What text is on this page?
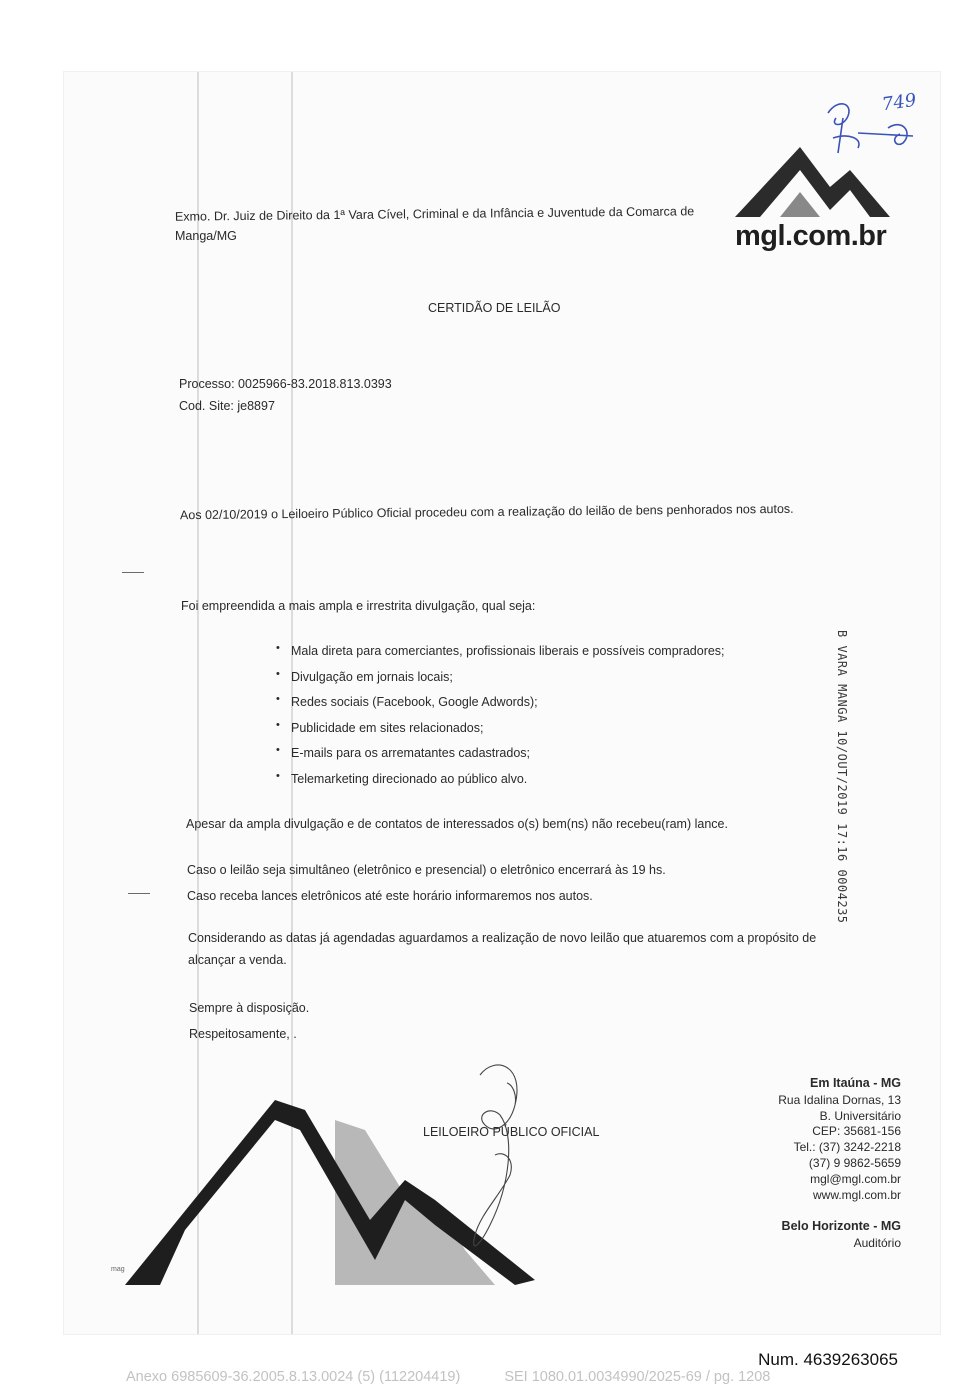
mgl.com.br
749
Exmo. Dr. Juiz de Direito da 1ª Vara Cível, Criminal e da Infância e Juventude da Comarca de
Manga/MG
CERTIDÃO DE LEILÃO
Processo: 0025966-83.2018.813.0393
Cod. Site: je8897
Aos 02/10/2019 o Leiloeiro Público Oficial procedeu com a realização do leilão de bens penhorados nos autos.
Foi empreendida a mais ampla e irrestrita divulgação, qual seja:
Mala direta para comerciantes, profissionais liberais e possíveis compradores;
Divulgação em jornais locais;
Redes sociais (Facebook, Google Adwords);
Publicidade em sites relacionados;
E-mails para os arrematantes cadastrados;
Telemarketing direcionado ao público alvo.
Apesar da ampla divulgação e de contatos de interessados o(s) bem(ns) não recebeu(ram) lance.
Caso o leilão seja simultâneo (eletrônico e presencial) o eletrônico encerrará às 19 hs.
Caso receba lances eletrônicos até este horário informaremos nos autos.
Considerando as datas já agendadas aguardamos a realização de novo leilão que atuaremos com a propósito de
alcançar a venda.
Sempre à disposição.
Respeitosamente, .
B VARA MANGA 10/OUT/2019 17:16 0004235
mag
LEILOEIRO PÚBLICO OFICIAL
Em Itaúna - MG
Rua Idalina Dornas, 13
B. Universitário
CEP: 35681-156
Tel.: (37) 3242-2218
(37) 9 9862-5659
mgl@mgl.com.br
www.mgl.com.br
Belo Horizonte - MG
Auditório
Num. 4639263065
Anexo 6985609-36.2005.8.13.0024 (5) (112204419)	SEI 1080.01.0034990/2025-69 / pg. 1208
